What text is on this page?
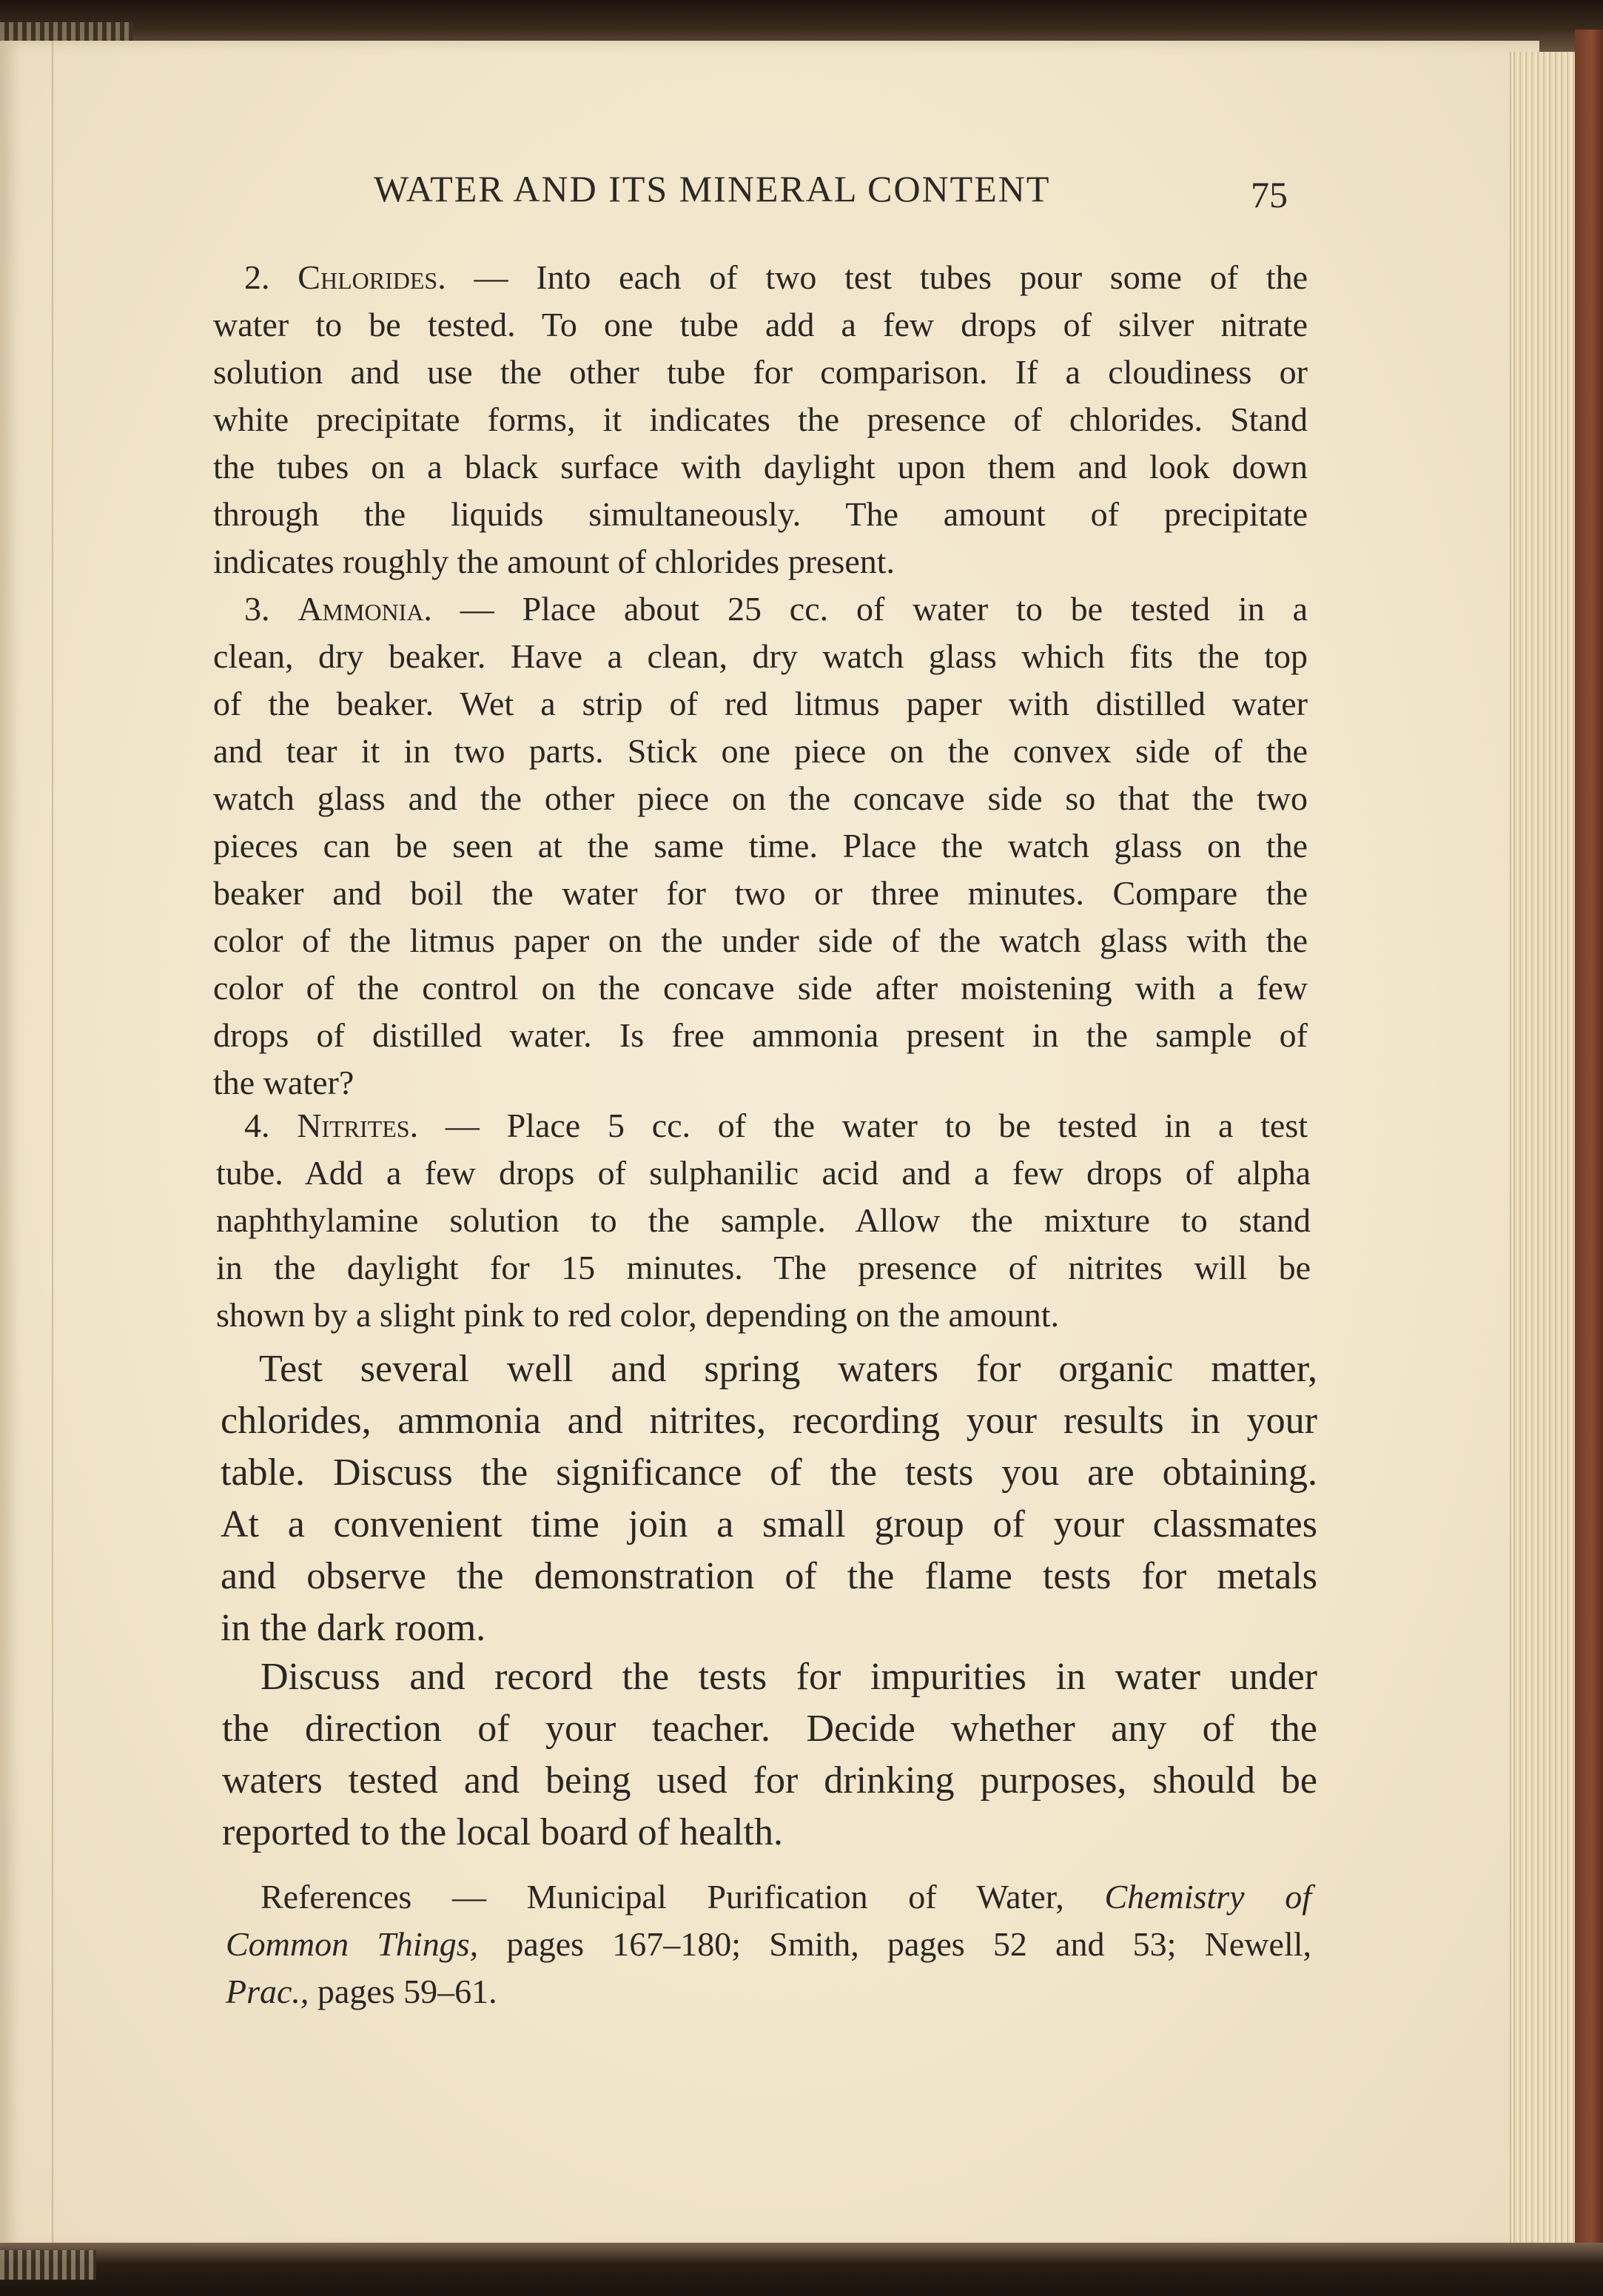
WATER AND ITS MINERAL CONTENT	75
2. Chlorides. — Into each of two test tubes pour some of the
water to be tested. To one tube add a few drops of silver nitrate
solution and use the other tube for comparison. If a cloudiness or
white precipitate forms, it indicates the presence of chlorides. Stand
the tubes on a black surface with daylight upon them and look down
through the liquids simultaneously. The amount of precipitate
indicates roughly the amount of chlorides present.
3. Ammonia. — Place about 25 cc. of water to be tested in a
clean, dry beaker. Have a clean, dry watch glass which fits the top
of the beaker. Wet a strip of red litmus paper with distilled water
and tear it in two parts. Stick one piece on the convex side of the
watch glass and the other piece on the concave side so that the two
pieces can be seen at the same time. Place the watch glass on the
beaker and boil the water for two or three minutes. Compare the
color of the litmus paper on the under side of the watch glass with the
color of the control on the concave side after moistening with a few
drops of distilled water. Is free ammonia present in the sample of
the water?
4. Nitrites. — Place 5 cc. of the water to be tested in a test
tube. Add a few drops of sulphanilic acid and a few drops of alpha
naphthylamine solution to the sample. Allow the mixture to stand
in the daylight for 15 minutes. The presence of nitrites will be
shown by a slight pink to red color, depending on the amount.
Test several well and spring waters for organic matter,
chlorides, ammonia and nitrites, recording your results in your
table. Discuss the significance of the tests you are obtaining.
At a convenient time join a small group of your classmates
and observe the demonstration of the flame tests for metals
in the dark room.
Discuss and record the tests for impurities in water under
the direction of your teacher. Decide whether any of the
waters tested and being used for drinking purposes, should be
reported to the local board of health.
References — Municipal Purification of Water, Chemistry of
Common Things, pages 167–180; Smith, pages 52 and 53; Newell,
Prac., pages 59–61.
